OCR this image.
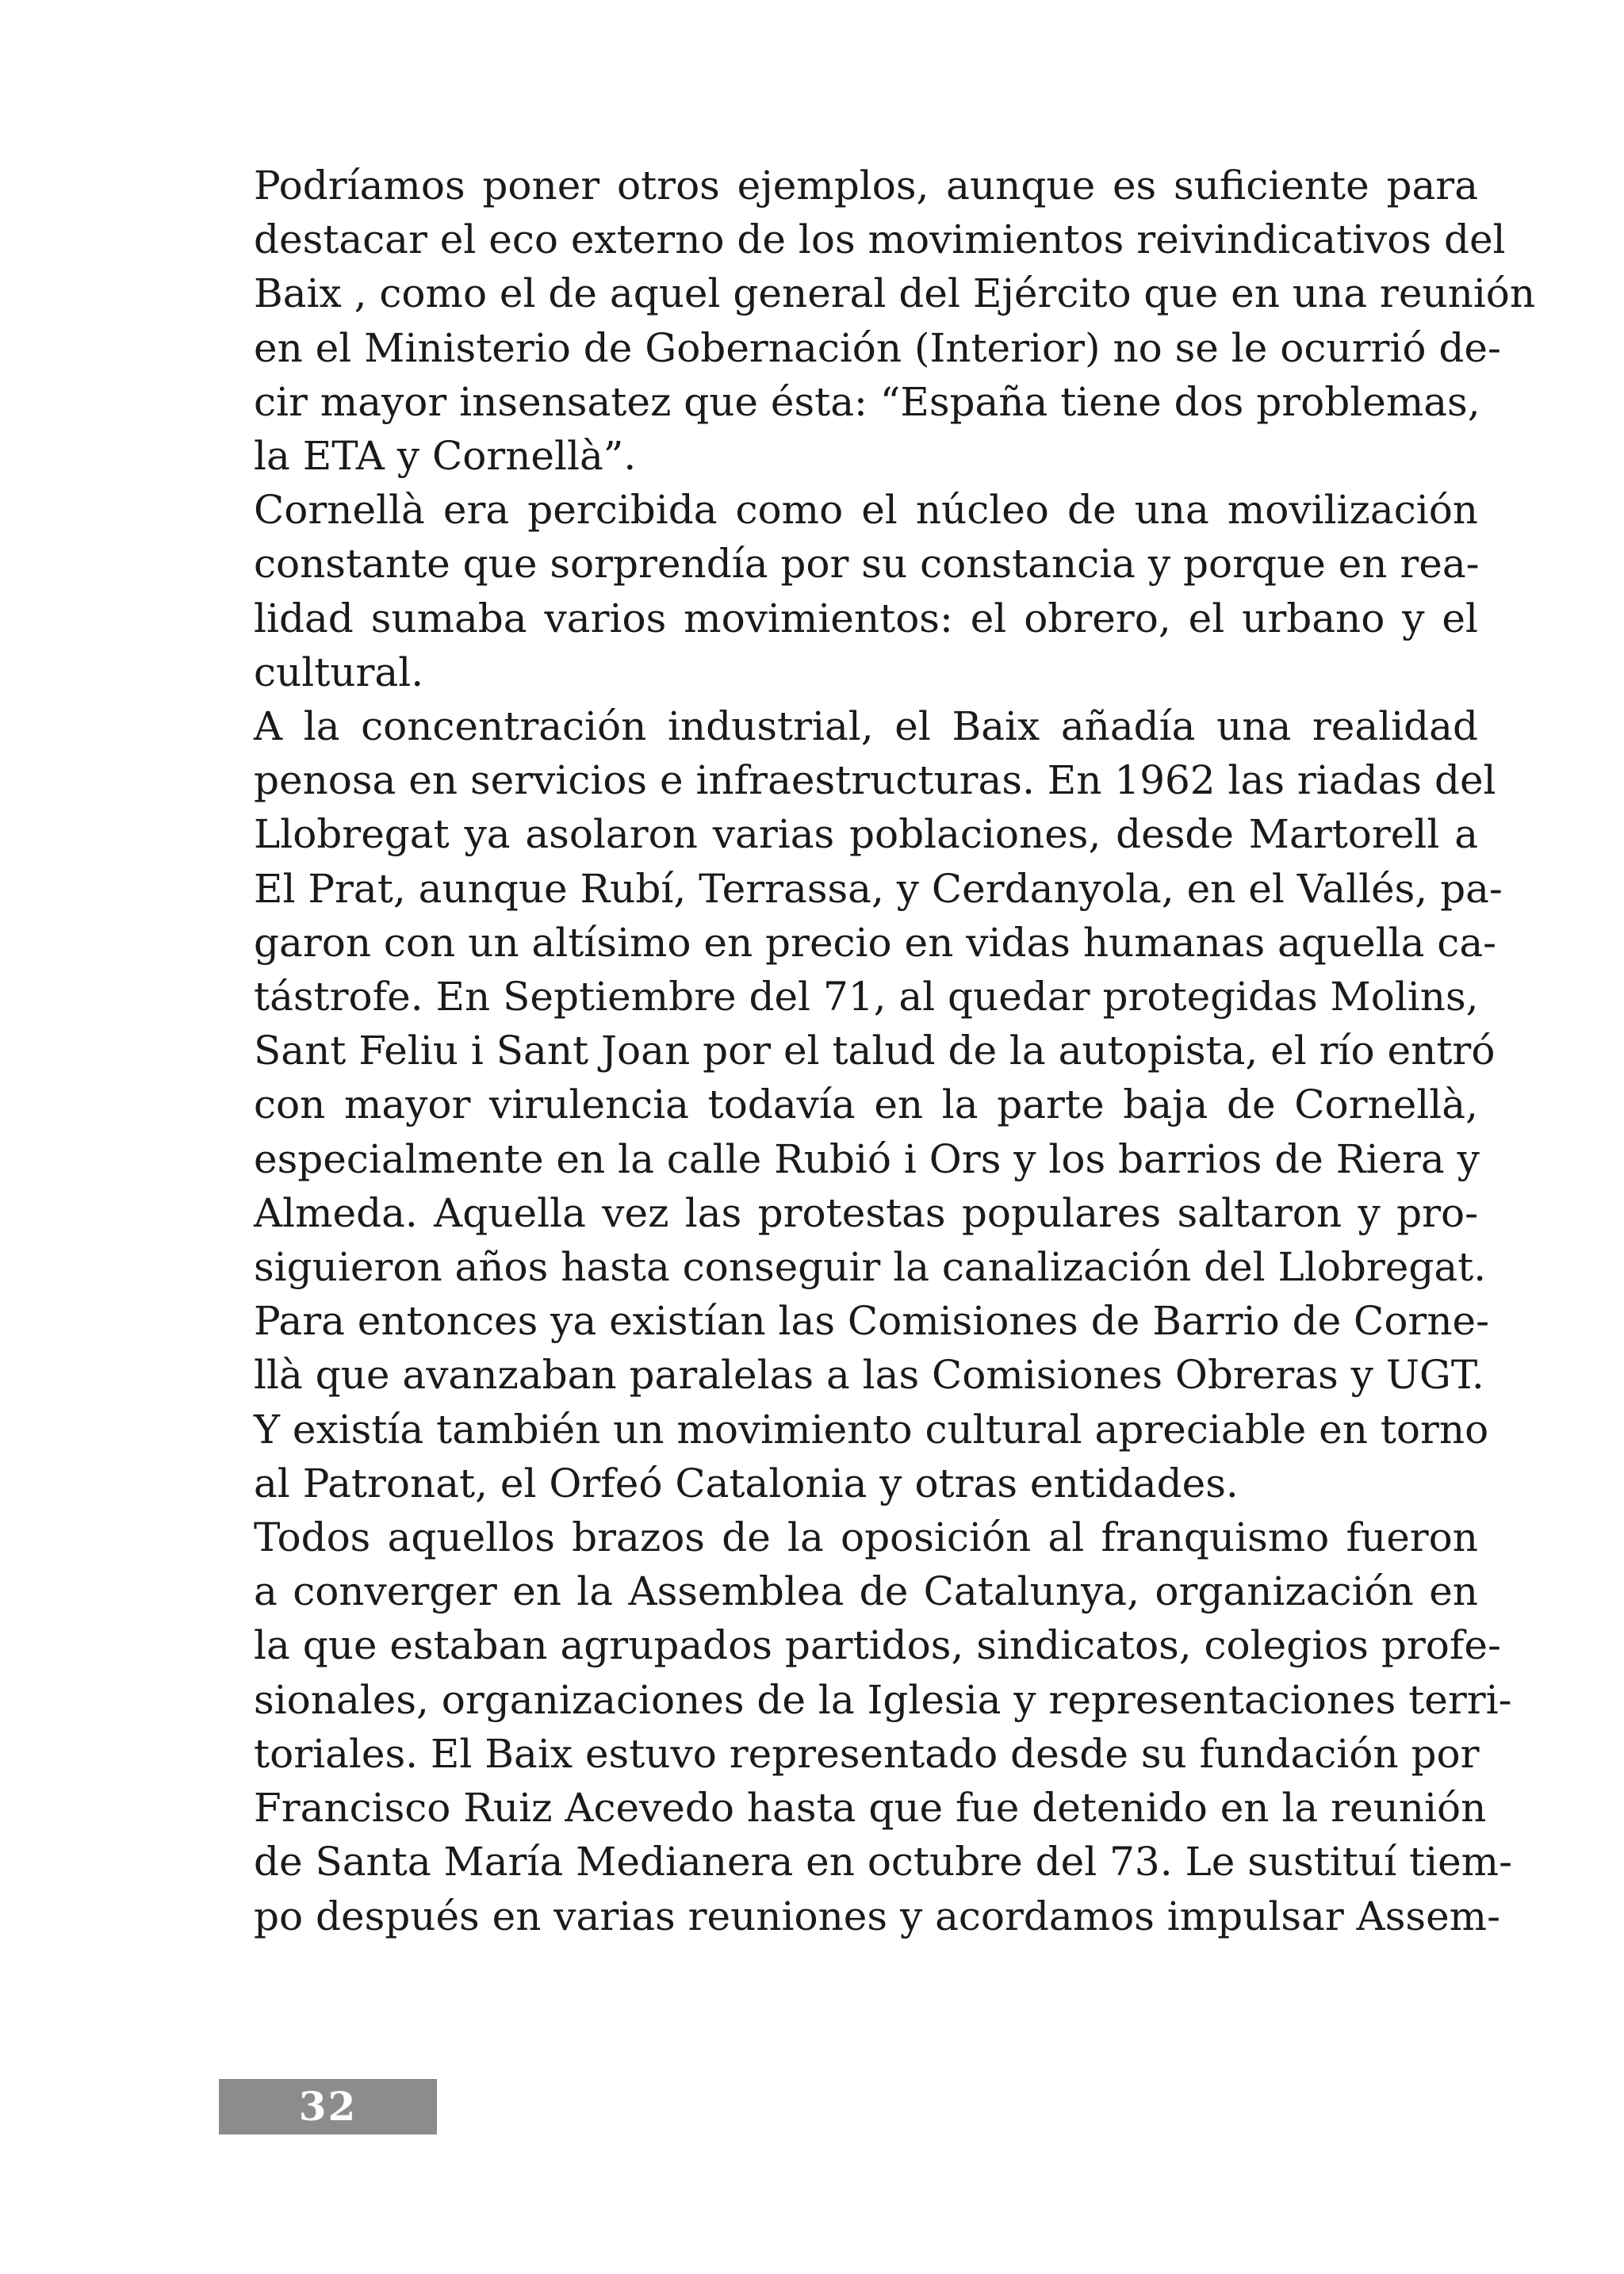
Podríamos poner otros ejemplos, aunque es suficiente para
destacar el eco externo de los movimientos reivindicativos del
Baix , como el de aquel general del Ejército que en una reunión
en el Ministerio de Gobernación (Interior) no se le ocurrió de-
cir mayor insensatez que ésta: “España tiene dos problemas,
la ETA y Cornellà”.

Cornellà era percibida como el núcleo de una movilización
constante que sorprendía por su constancia y porque en rea-
lidad sumaba varios movimientos: el obrero, el urbano y el
cultural.

A la concentración industrial, el Baix añadía una realidad
penosa en servicios e infraestructuras. En 1962 las riadas del
Llobregat ya asolaron varias poblaciones, desde Martorell a
El Prat, aunque Rubí, Terrassa, y Cerdanyola, en el Vallés, pa-
garon con un altísimo en precio en vidas humanas aquella ca-
tástrofe. En Septiembre del 71, al quedar protegidas Molins,
Sant Feliu i Sant Joan por el talud de la autopista, el río entró
con mayor virulencia todavía en la parte baja de Cornellà,
especialmente en la calle Rubió i Ors y los barrios de Riera y
Almeda. Aquella vez las protestas populares saltaron y pro-
siguieron años hasta conseguir la canalización del Llobregat.
Para entonces ya existían las Comisiones de Barrio de Corne-
llà que avanzaban paralelas a las Comisiones Obreras y UGT.
Y existía también un movimiento cultural apreciable en torno
al Patronat, el Orfeó Catalonia y otras entidades.

Todos aquellos brazos de la oposición al franquismo fueron
a converger en la Assemblea de Catalunya, organización en
la que estaban agrupados partidos, sindicatos, colegios profe-
sionales, organizaciones de la Iglesia y representaciones terri-
toriales. El Baix estuvo representado desde su fundación por
Francisco Ruiz Acevedo hasta que fue detenido en la reunión
de Santa María Medianera en octubre del 73. Le sustituí tiem-
po después en varias reuniones y acordamos impulsar Assem-

32
